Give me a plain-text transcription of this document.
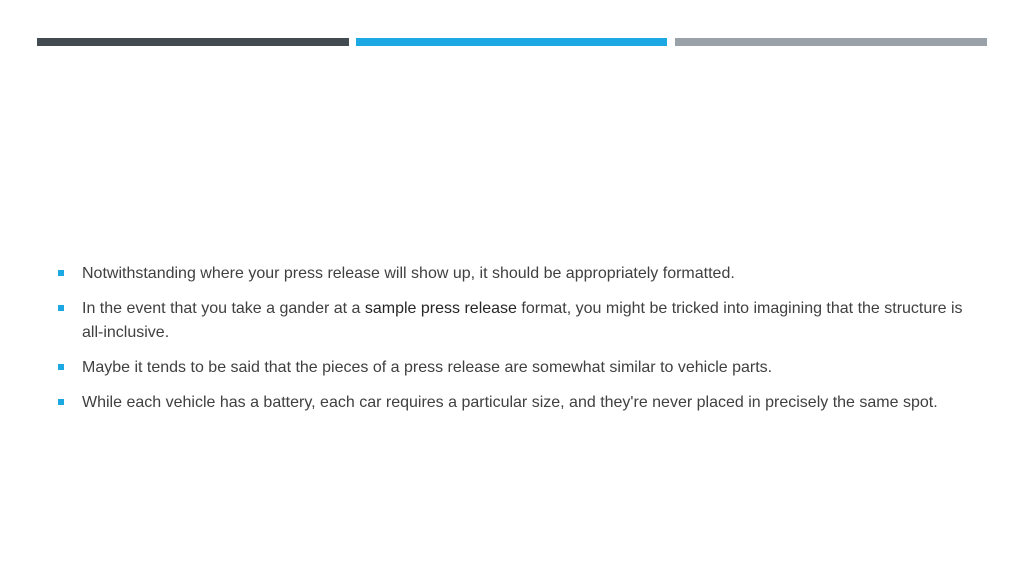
Notwithstanding where your press release will show up, it should be appropriately formatted.
In the event that you take a gander at a sample press release format, you might be tricked into imagining that the structure is all-inclusive.
Maybe it tends to be said that the pieces of a press release are somewhat similar to vehicle parts.
While each vehicle has a battery, each car requires a particular size, and they're never placed in precisely the same spot.
